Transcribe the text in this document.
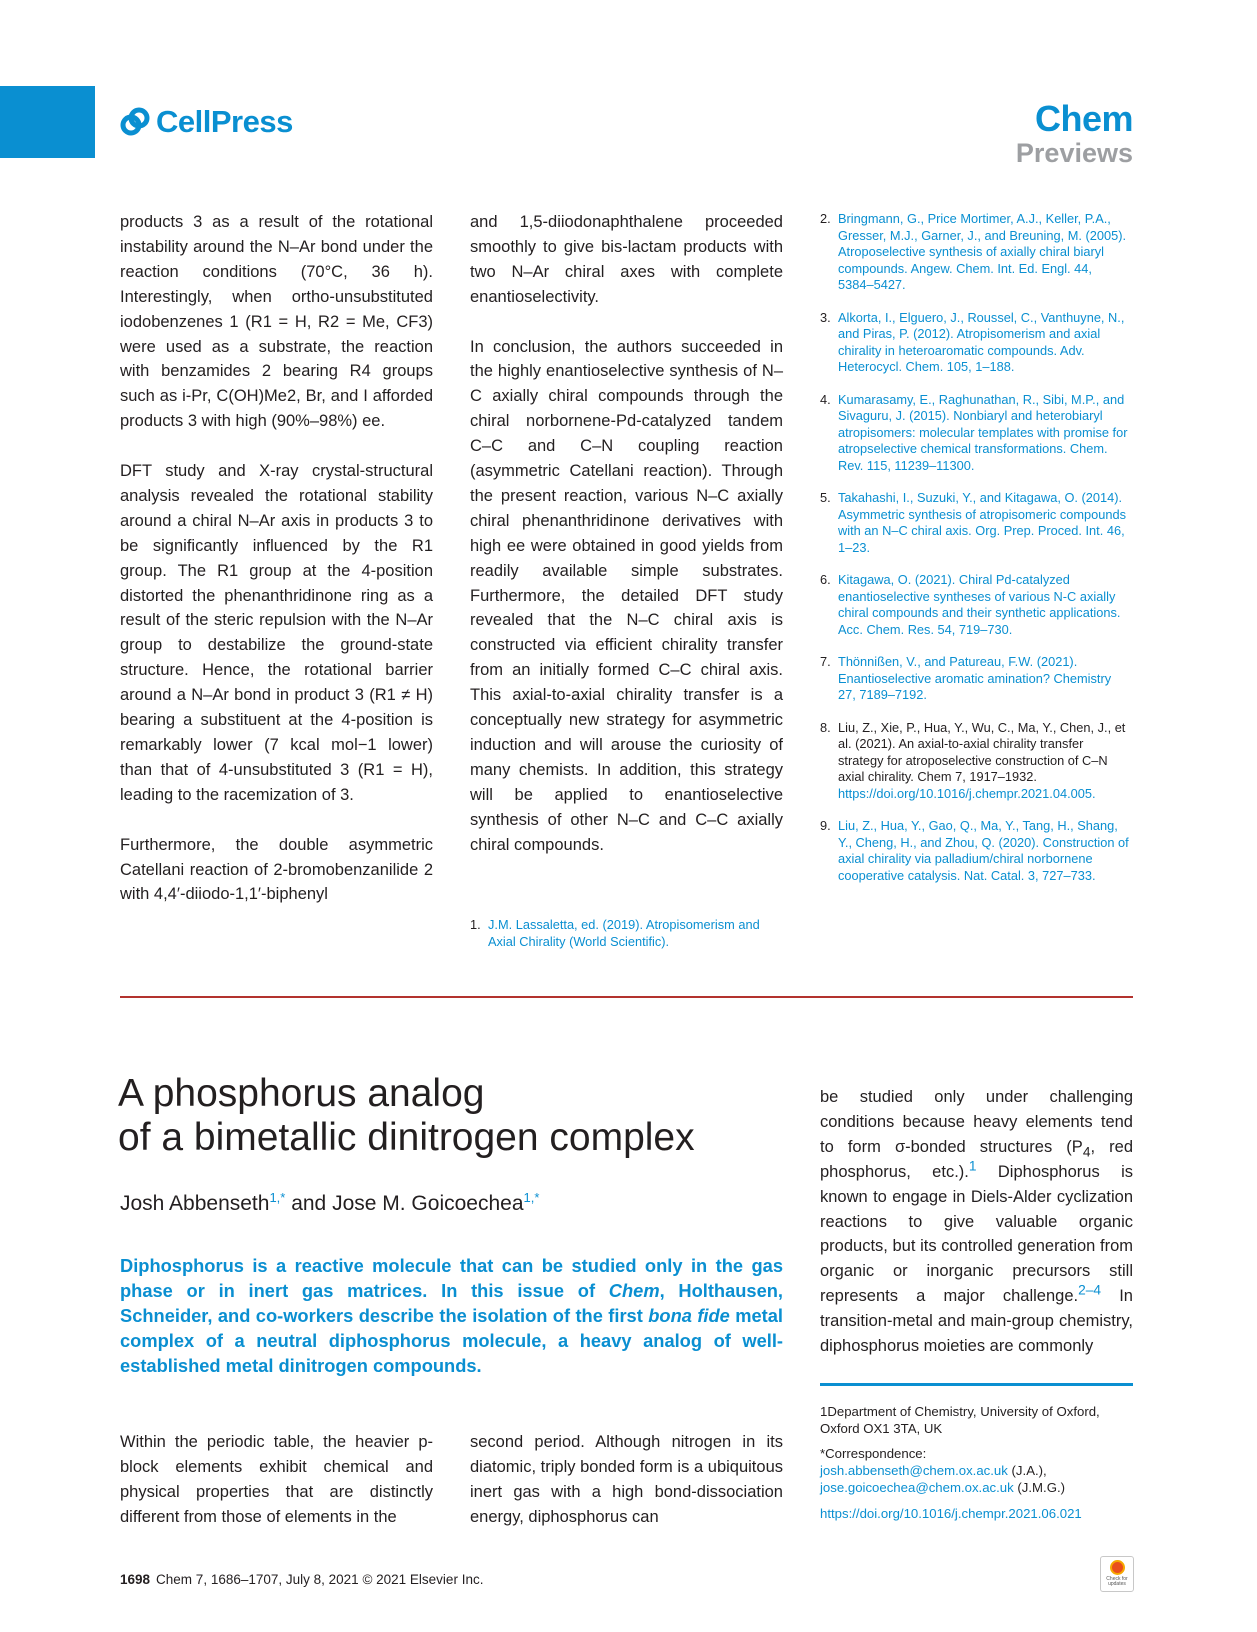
CellPress	Chem
Previews

products 3 as a result of the rotational instability around the N–Ar bond under the reaction conditions (70°C, 36 h). Interestingly, when ortho-unsubstituted iodobenzenes 1 (R1 = H, R2 = Me, CF3) were used as a substrate, the reaction with benzamides 2 bearing R4 groups such as i-Pr, C(OH)Me2, Br, and I afforded products 3 with high (90%–98%) ee.

DFT study and X-ray crystal-structural analysis revealed the rotational stability around a chiral N–Ar axis in products 3 to be significantly influenced by the R1 group. The R1 group at the 4-position distorted the phenanthridinone ring as a result of the steric repulsion with the N–Ar group to destabilize the ground-state structure. Hence, the rotational barrier around a N–Ar bond in product 3 (R1 ≠ H) bearing a substituent at the 4-position is remarkably lower (7 kcal mol−1 lower) than that of 4-unsubstituted 3 (R1 = H), leading to the racemization of 3.

Furthermore, the double asymmetric Catellani reaction of 2-bromobenzanilide 2 with 4,4′-diiodo-1,1′-biphenyl

and 1,5-diiodonaphthalene proceeded smoothly to give bis-lactam products with two N–Ar chiral axes with complete enantioselectivity.

In conclusion, the authors succeeded in the highly enantioselective synthesis of N–C axially chiral compounds through the chiral norbornene-Pd-catalyzed tandem C–C and C–N coupling reaction (asymmetric Catellani reaction). Through the present reaction, various N–C axially chiral phenanthridinone derivatives with high ee were obtained in good yields from readily available simple substrates. Furthermore, the detailed DFT study revealed that the N–C chiral axis is constructed via efficient chirality transfer from an initially formed C–C chiral axis. This axial-to-axial chirality transfer is a conceptually new strategy for asymmetric induction and will arouse the curiosity of many chemists. In addition, this strategy will be applied to enantioselective synthesis of other N–C and C–C axially chiral compounds.

1. J.M. Lassaletta, ed. (2019). Atropisomerism and Axial Chirality (World Scientific).
2. Bringmann, G., Price Mortimer, A.J., Keller, P.A., Gresser, M.J., Garner, J., and Breuning, M. (2005). Atroposelective synthesis of axially chiral biaryl compounds. Angew. Chem. Int. Ed. Engl. 44, 5384–5427.
3. Alkorta, I., Elguero, J., Roussel, C., Vanthuyne, N., and Piras, P. (2012). Atropisomerism and axial chirality in heteroaromatic compounds. Adv. Heterocycl. Chem. 105, 1–188.
4. Kumarasamy, E., Raghunathan, R., Sibi, M.P., and Sivaguru, J. (2015). Nonbiaryl and heterobiaryl atropisomers: molecular templates with promise for atropselective chemical transformations. Chem. Rev. 115, 11239–11300.
5. Takahashi, I., Suzuki, Y., and Kitagawa, O. (2014). Asymmetric synthesis of atropisomeric compounds with an N–C chiral axis. Org. Prep. Proced. Int. 46, 1–23.
6. Kitagawa, O. (2021). Chiral Pd-catalyzed enantioselective syntheses of various N-C axially chiral compounds and their synthetic applications. Acc. Chem. Res. 54, 719–730.
7. Thönnißen, V., and Patureau, F.W. (2021). Enantioselective aromatic amination? Chemistry 27, 7189–7192.
8. Liu, Z., Xie, P., Hua, Y., Wu, C., Ma, Y., Chen, J., et al. (2021). An axial-to-axial chirality transfer strategy for atroposelective construction of C–N axial chirality. Chem 7, 1917–1932. https://doi.org/10.1016/j.chempr.2021.04.005.
9. Liu, Z., Hua, Y., Gao, Q., Ma, Y., Tang, H., Shang, Y., Cheng, H., and Zhou, Q. (2020). Construction of axial chirality via palladium/chiral norbornene cooperative catalysis. Nat. Catal. 3, 727–733.
A phosphorus analog
of a bimetallic dinitrogen complex
Josh Abbenseth$^{1,*}$ and Jose M. Goicoechea$^{1,*}$

Diphosphorus is a reactive molecule that can be studied only in the gas phase or in inert gas matrices. In this issue of Chem, Holthausen, Schneider, and co-workers describe the isolation of the first bona fide metal complex of a neutral diphosphorus molecule, a heavy analog of well-established metal dinitrogen compounds.

Within the periodic table, the heavier p-block elements exhibit chemical and physical properties that are distinctly different from those of elements in the

second period. Although nitrogen in its diatomic, triply bonded form is a ubiquitous inert gas with a high bond-dissociation energy, diphosphorus can

be studied only under challenging conditions because heavy elements tend to form σ-bonded structures ($P_4$, red phosphorus, etc.).$^1$ Diphosphorus is known to engage in Diels-Alder cyclization reactions to give valuable organic products, but its controlled generation from organic or inorganic precursors still represents a major challenge.$^{2-4}$ In transition-metal and main-group chemistry, diphosphorus moieties are commonly

1Department of Chemistry, University of Oxford, Oxford OX1 3TA, UK

*Correspondence:
josh.abbenseth@chem.ox.ac.uk (J.A.),
jose.goicoechea@chem.ox.ac.uk (J.M.G.)
https://doi.org/10.1016/j.chempr.2021.06.021
1698 Chem 7, 1686–1707, July 8, 2021 © 2021 Elsevier Inc.	Check for updates
